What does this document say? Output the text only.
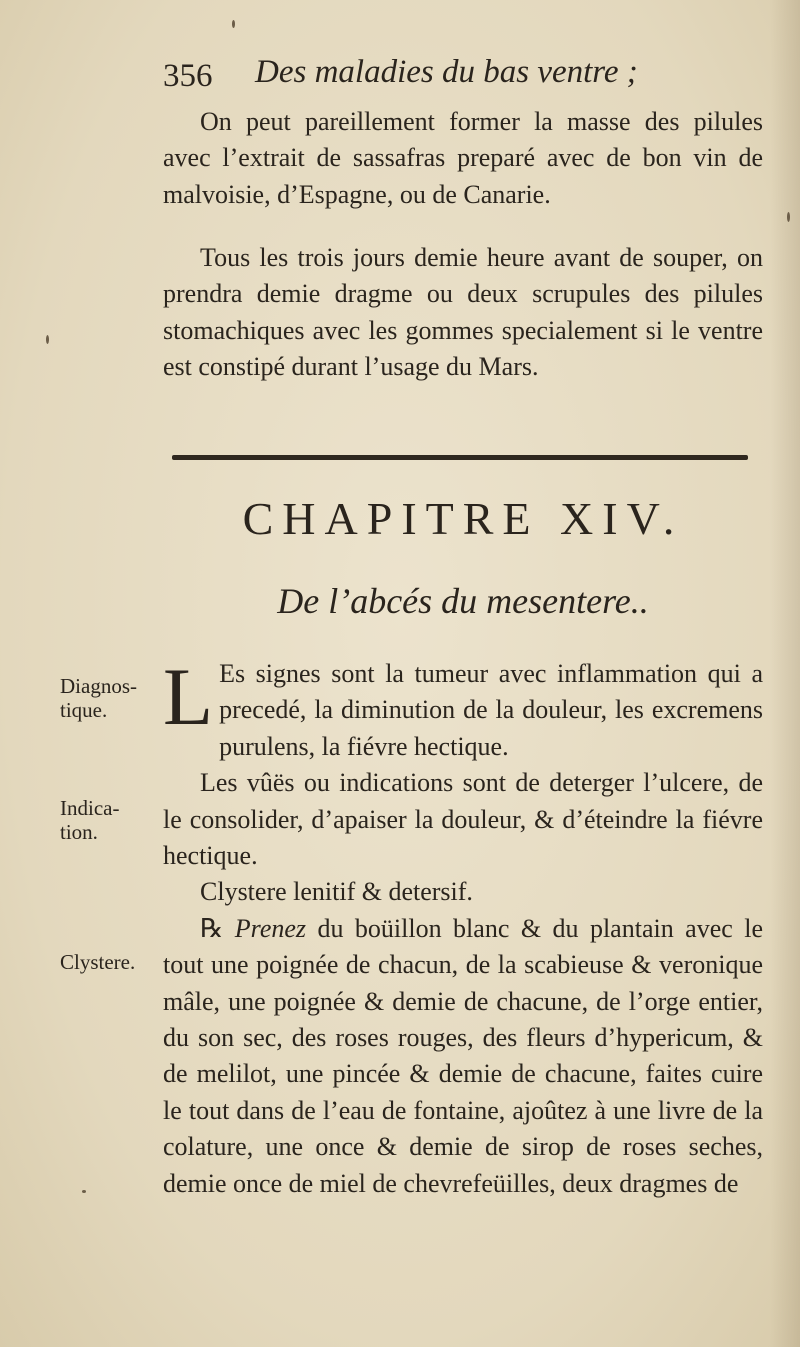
356 Des maladies du bas ventre ;

On peut pareillement former la masse des pilules avec l’extrait de sassafras preparé avec de bon vin de malvoisie, d’Espagne, ou de Canarie.

Tous les trois jours demie heure avant de souper, on prendra demie dragme ou deux scrupules des pilules stomachiques avec les gommes specialement si le ventre est constipé durant l’usage du Mars.

CHAPITRE XIV.
De l’abcés du mesentere..
Diagnos- tique.
Indica- tion.
Clystere.

L Es signes sont la tumeur avec inflammation qui a precedé, la diminution de la douleur, les excremens purulens, la fiévre hectique.

Les vûës ou indications sont de deterger l’ulcere, de le consolider, d’apaiser la douleur, & d’éteindre la fiévre hectique.

Clystere lenitif & detersif.

℞ Prenez du boüillon blanc & du plantain avec le tout une poignée de chacun, de la scabieuse & veronique mâle, une poignée & demie de chacune, de l’orge entier, du son sec, des roses rouges, des fleurs d’hypericum, & de melilot, une pincée & demie de chacune, faites cuire le tout dans de l’eau de fontaine, ajoûtez à une livre de la colature, une once & demie de sirop de roses seches, demie once de miel de chevrefeüilles, deux dragmes de
